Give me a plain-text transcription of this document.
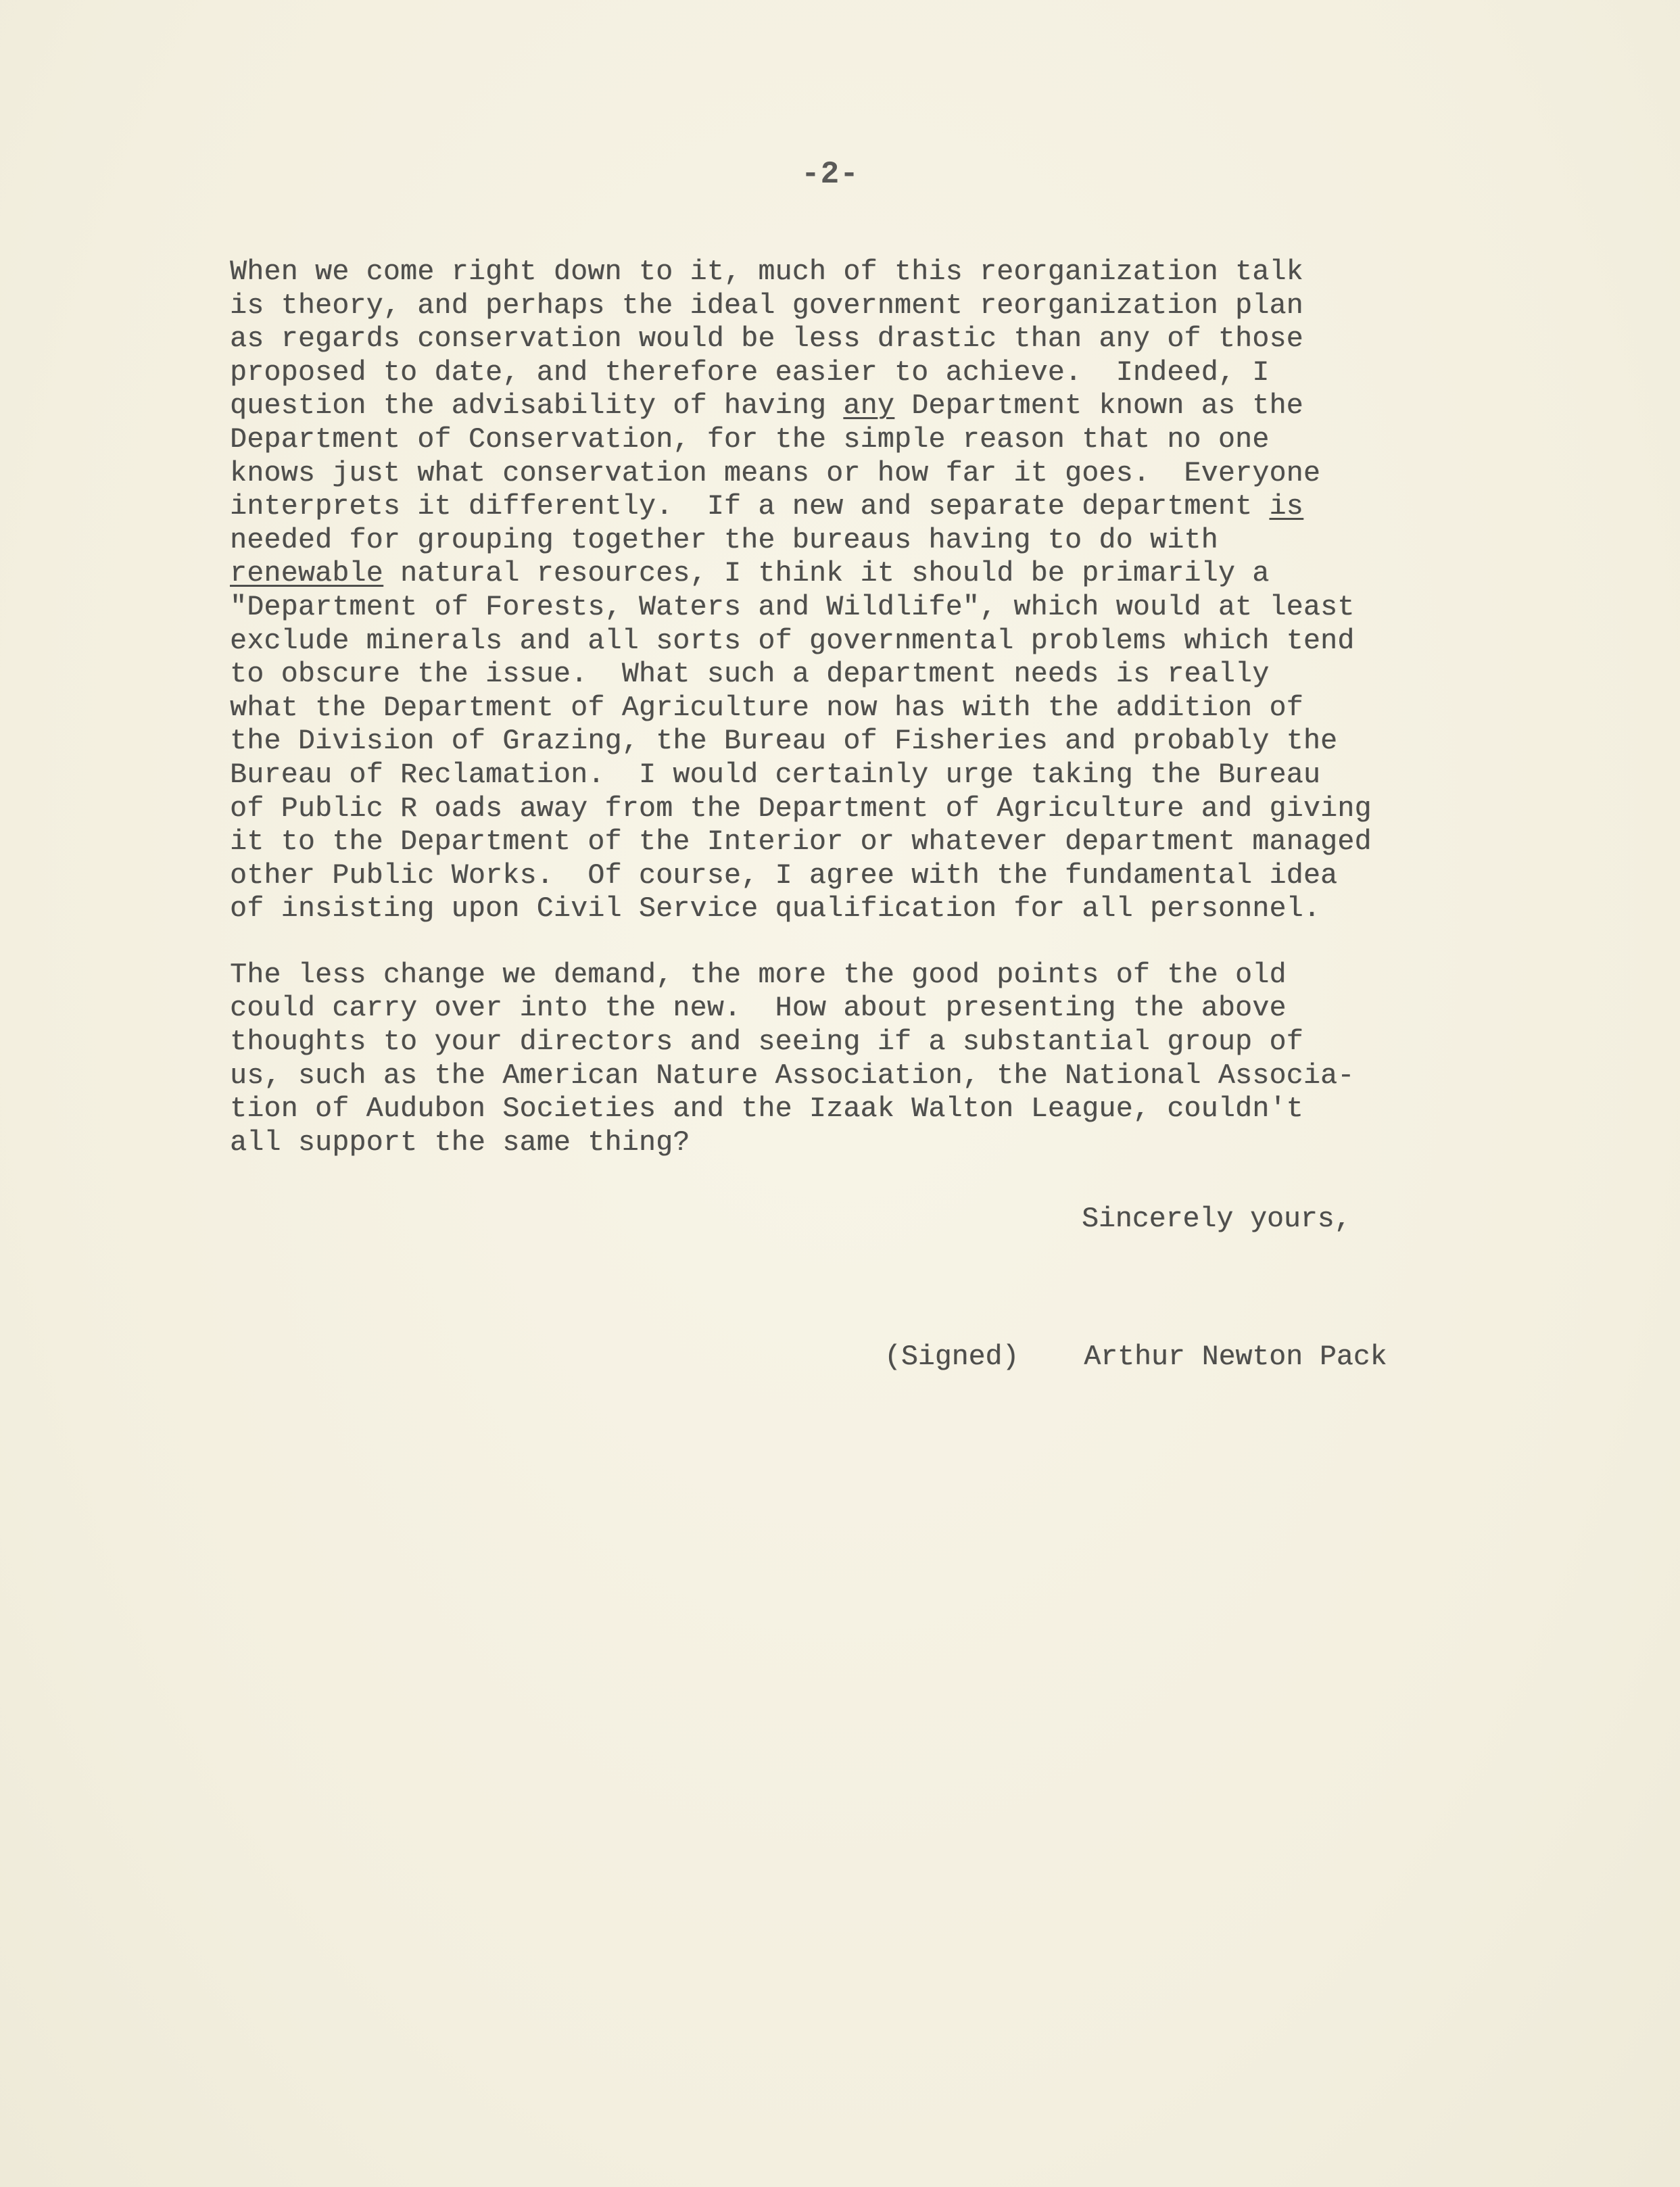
-2-
When we come right down to it, much of this reorganization talk
is theory, and perhaps the ideal government reorganization plan
as regards conservation would be less drastic than any of those
proposed to date, and therefore easier to achieve.  Indeed, I
question the advisability of having any Department known as the
Department of Conservation, for the simple reason that no one
knows just what conservation means or how far it goes.  Everyone
interprets it differently.  If a new and separate department is
needed for grouping together the bureaus having to do with
renewable natural resources, I think it should be primarily a
"Department of Forests, Waters and Wildlife", which would at least
exclude minerals and all sorts of governmental problems which tend
to obscure the issue.  What such a department needs is really
what the Department of Agriculture now has with the addition of
the Division of Grazing, the Bureau of Fisheries and probably the
Bureau of Reclamation.  I would certainly urge taking the Bureau
of Public R oads away from the Department of Agriculture and giving
it to the Department of the Interior or whatever department managed
other Public Works.  Of course, I agree with the fundamental idea
of insisting upon Civil Service qualification for all personnel.
The less change we demand, the more the good points of the old
could carry over into the new.  How about presenting the above
thoughts to your directors and seeing if a substantial group of
us, such as the American Nature Association, the National Associa-
tion of Audubon Societies and the Izaak Walton League, couldn't
all support the same thing?
Sincerely yours,
(Signed) Arthur Newton Pack
